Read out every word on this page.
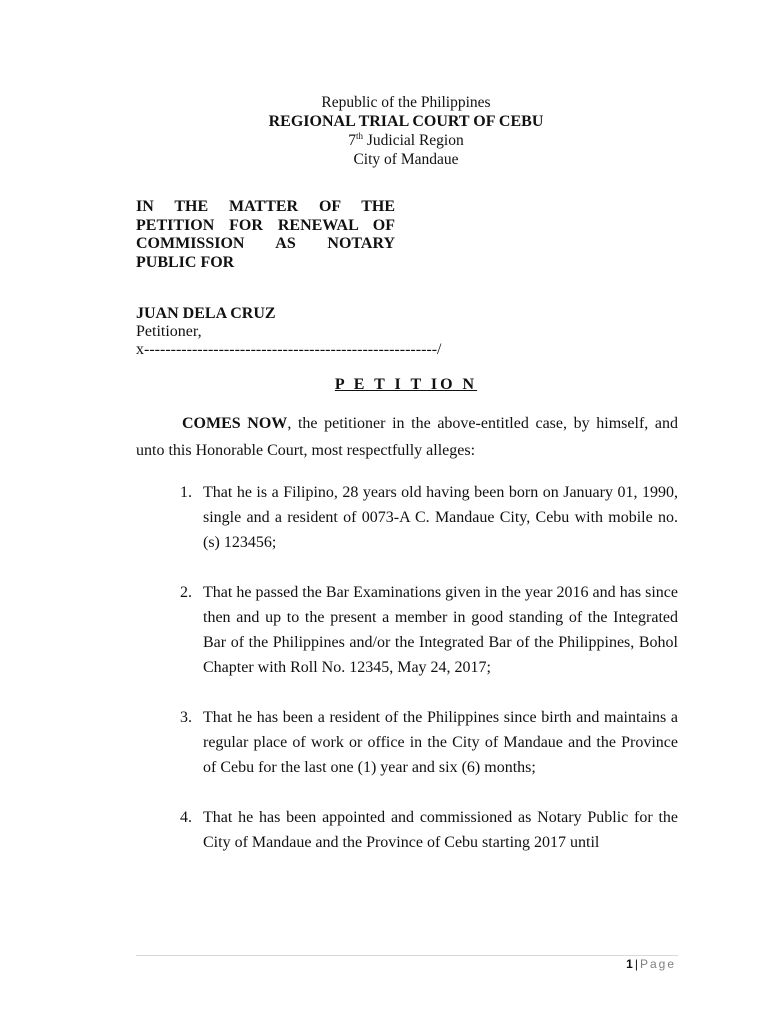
Republic of the Philippines
REGIONAL TRIAL COURT OF CEBU
7th Judicial Region
City of Mandaue
IN THE MATTER OF THE
PETITION FOR RENEWAL OF
COMMISSION AS NOTARY
PUBLIC FOR
JUAN DELA CRUZ
Petitioner,
x-------------------------------------------------------/
P E T I T IO N

COMES NOW, the petitioner in the above-entitled case, by himself, and unto this Honorable Court, most respectfully alleges:

1. That he is a Filipino, 28 years old having been born on January 01, 1990, single and a resident of 0073-A C. Mandaue City, Cebu with mobile no.(s) 123456;
2. That he passed the Bar Examinations given in the year 2016 and has since then and up to the present a member in good standing of the Integrated Bar of the Philippines and/or the Integrated Bar of the Philippines, Bohol Chapter with Roll No. 12345, May 24, 2017;
3. That he has been a resident of the Philippines since birth and maintains a regular place of work or office in the City of Mandaue and the Province of Cebu for the last one (1) year and six (6) months;
4. That he has been appointed and commissioned as Notary Public for the City of Mandaue and the Province of Cebu starting 2017 until
1 | Page
